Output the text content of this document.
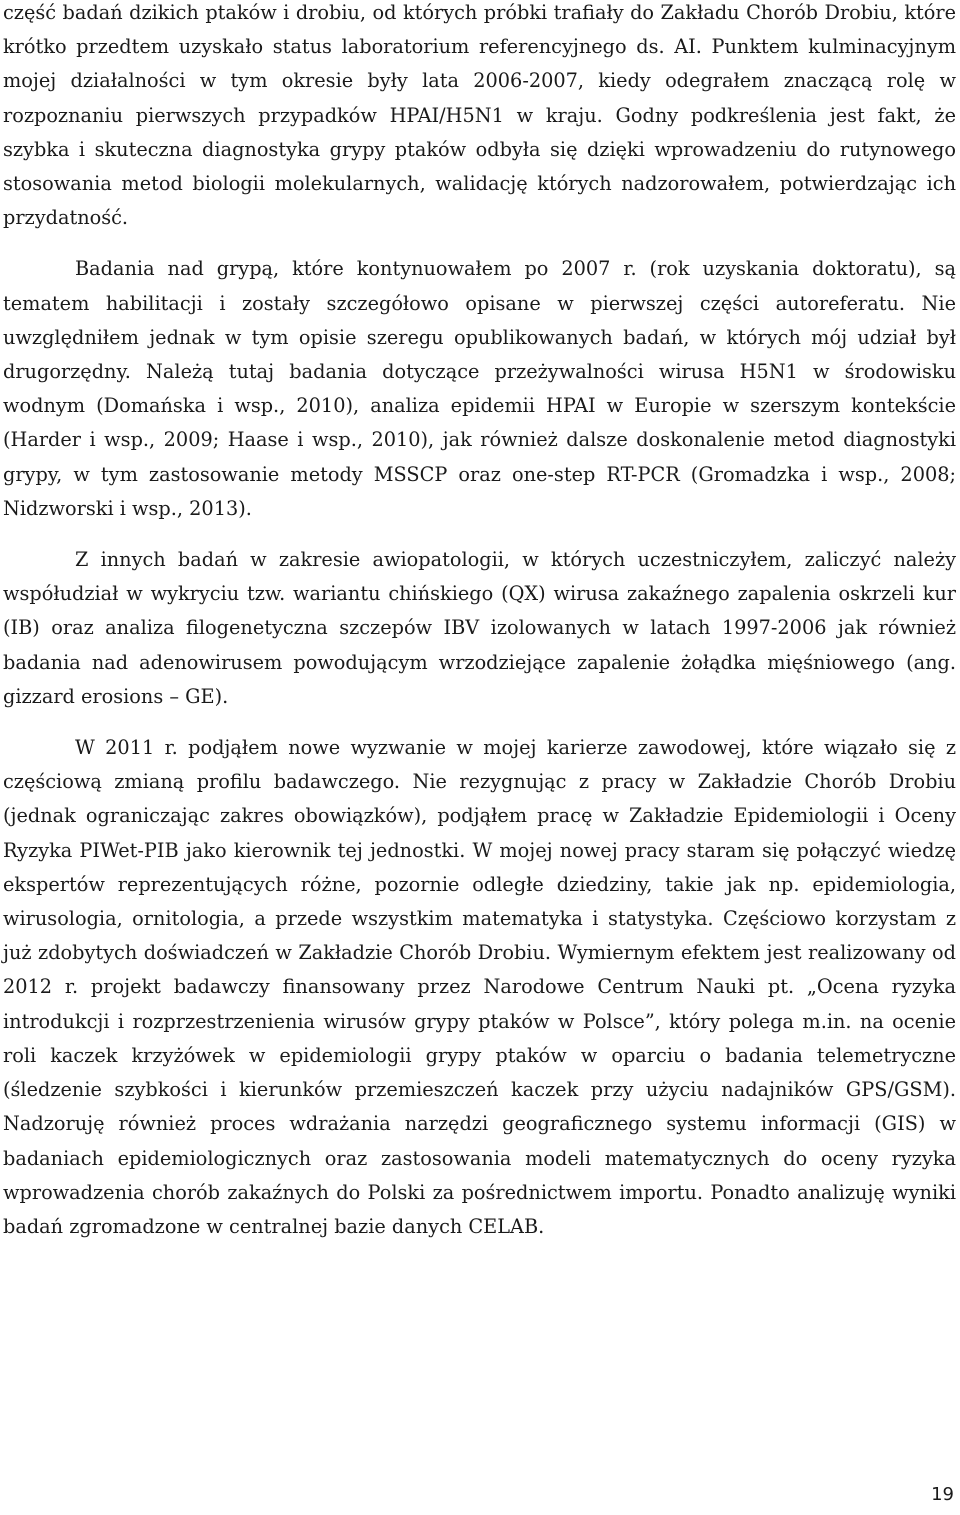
część badań dzikich ptaków i drobiu, od których próbki trafiały do Zakładu Chorób Drobiu, które krótko przedtem uzyskało status laboratorium referencyjnego ds. AI. Punktem kulminacyjnym mojej działalności w tym okresie były lata 2006-2007, kiedy odegrałem znaczącą rolę w rozpoznaniu pierwszych przypadków HPAI/H5N1 w kraju. Godny podkreślenia jest fakt, że szybka i skuteczna diagnostyka grypy ptaków odbyła się dzięki wprowadzeniu do rutynowego stosowania metod biologii molekularnych, walidację których nadzorowałem, potwierdzając ich przydatność.

Badania nad grypą, które kontynuowałem po 2007 r. (rok uzyskania doktoratu), są tematem habilitacji i zostały szczegółowo opisane w pierwszej części autoreferatu. Nie uwzględniłem jednak w tym opisie szeregu opublikowanych badań, w których mój udział był drugorzędny. Należą tutaj badania dotyczące przeżywalności wirusa H5N1 w środowisku wodnym (Domańska i wsp., 2010), analiza epidemii HPAI w Europie w szerszym kontekście (Harder i wsp., 2009; Haase i wsp., 2010), jak również dalsze doskonalenie metod diagnostyki grypy, w tym zastosowanie metody MSSCP oraz one-step RT-PCR (Gromadzka i wsp., 2008; Nidzworski i wsp., 2013).

Z innych badań w zakresie awiopatologii, w których uczestniczyłem, zaliczyć należy współudział w wykryciu tzw. wariantu chińskiego (QX) wirusa zakaźnego zapalenia oskrzeli kur (IB) oraz analiza filogenetyczna szczepów IBV izolowanych w latach 1997-2006 jak również badania nad adenowirusem powodującym wrzodziejące zapalenie żołądka mięśniowego (ang. gizzard erosions – GE).

W 2011 r. podjąłem nowe wyzwanie w mojej karierze zawodowej, które wiązało się z częściową zmianą profilu badawczego. Nie rezygnując z pracy w Zakładzie Chorób Drobiu (jednak ograniczając zakres obowiązków), podjąłem pracę w Zakładzie Epidemiologii i Oceny Ryzyka PIWet-PIB jako kierownik tej jednostki. W mojej nowej pracy staram się połączyć wiedzę ekspertów reprezentujących różne, pozornie odległe dziedziny, takie jak np. epidemiologia, wirusologia, ornitologia, a przede wszystkim matematyka i statystyka. Częściowo korzystam z już zdobytych doświadczeń w Zakładzie Chorób Drobiu. Wymiernym efektem jest realizowany od 2012 r. projekt badawczy finansowany przez Narodowe Centrum Nauki pt. „Ocena ryzyka introdukcji i rozprzestrzenienia wirusów grypy ptaków w Polsce”, który polega m.in. na ocenie roli kaczek krzyżówek w epidemiologii grypy ptaków w oparciu o badania telemetryczne (śledzenie szybkości i kierunków przemieszczeń kaczek przy użyciu nadajników GPS/GSM). Nadzoruję również proces wdrażania narzędzi geograficznego systemu informacji (GIS) w badaniach epidemiologicznych oraz zastosowania modeli matematycznych do oceny ryzyka wprowadzenia chorób zakaźnych do Polski za pośrednictwem importu. Ponadto analizuję wyniki badań zgromadzone w centralnej bazie danych CELAB.

19
